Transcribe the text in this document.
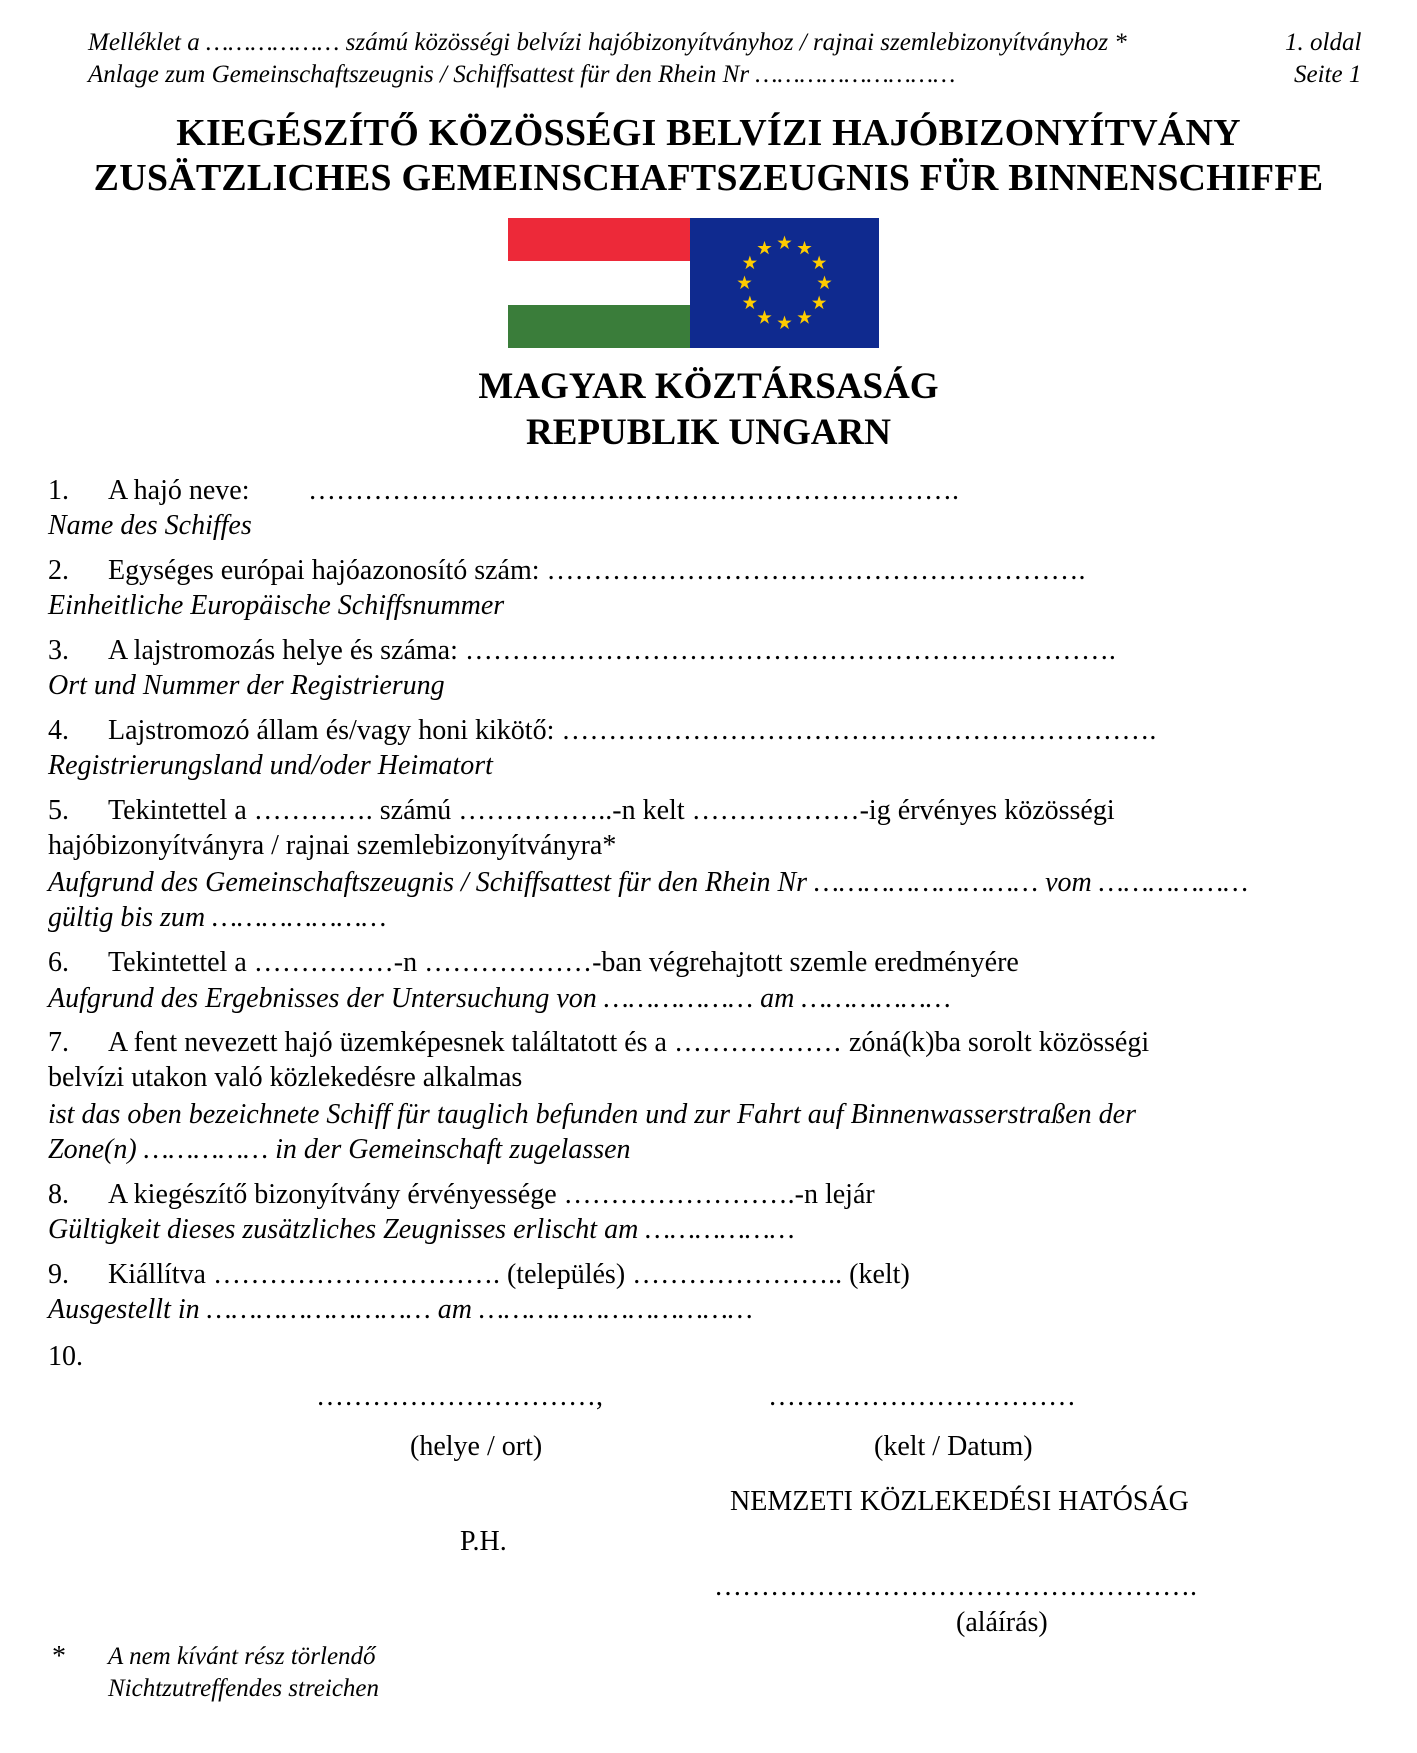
Melléklet a ……………… számú közösségi belvízi hajóbizonyítványhoz / rajnai szemlebizonyítványhoz *	1. oldal
Anlage zum Gemeinschaftszeugnis / Schiffsattest für den Rhein Nr ………………………	Seite 1
KIEGÉSZÍTŐ KÖZÖSSÉGI BELVÍZI HAJÓBIZONYÍTVÁNY
ZUSÄTZLICHES GEMEINSCHAFTSZEUGNIS FÜR BINNENSCHIFFE
MAGYAR KÖZTÁRSASÁG
REPUBLIK UNGARN
1. A hajó neve: …………………………………………………………….
Name des Schiffes
2. Egységes európai hajóazonosító szám: ………………………………………………….
Einheitliche Europäische Schiffsnummer
3. A lajstromozás helye és száma: …………………………………………………………….
Ort und Nummer der Registrierung
4. Lajstromozó állam és/vagy honi kikötő: ……………………………………………………….
Registrierungsland und/oder Heimatort
5. Tekintettel a …………. számú ……………..-n kelt ………………-ig érvényes közösségi
hajóbizonyítványra / rajnai szemlebizonyítványra*
Aufgrund des Gemeinschaftszeugnis / Schiffsattest für den Rhein Nr ……………………… vom ………………
gültig bis zum …………………
6. Tekintettel a ……………-n ………………-ban végrehajtott szemle eredményére
Aufgrund des Ergebnisses der Untersuchung von ……………… am ………………
7. A fent nevezett hajó üzemképesnek találtatott és a ……………… zóná(k)ba sorolt közösségi
belvízi utakon való közlekedésre alkalmas
ist das oben bezeichnete Schiff für tauglich befunden und zur Fahrt auf Binnenwasserstraßen der
Zone(n) …………… in der Gemeinschaft zugelassen
8. A kiegészítő bizonyítvány érvényessége …………………….-n lejár
Gültigkeit dieses zusätzliches Zeugnisses erlischt am ………………
9. Kiállítva …………………………. (település) ………………….. (kelt)
Ausgestellt in ……………………… am ……………………………
10.
…………………………,	……………………………
(helye / ort)	(kelt / Datum)
NEMZETI KÖZLEKEDÉSI HATÓSÁG
P.H.
…………………………………………….
(aláírás)
* A nem kívánt rész törlendő
Nichtzutreffendes streichen
